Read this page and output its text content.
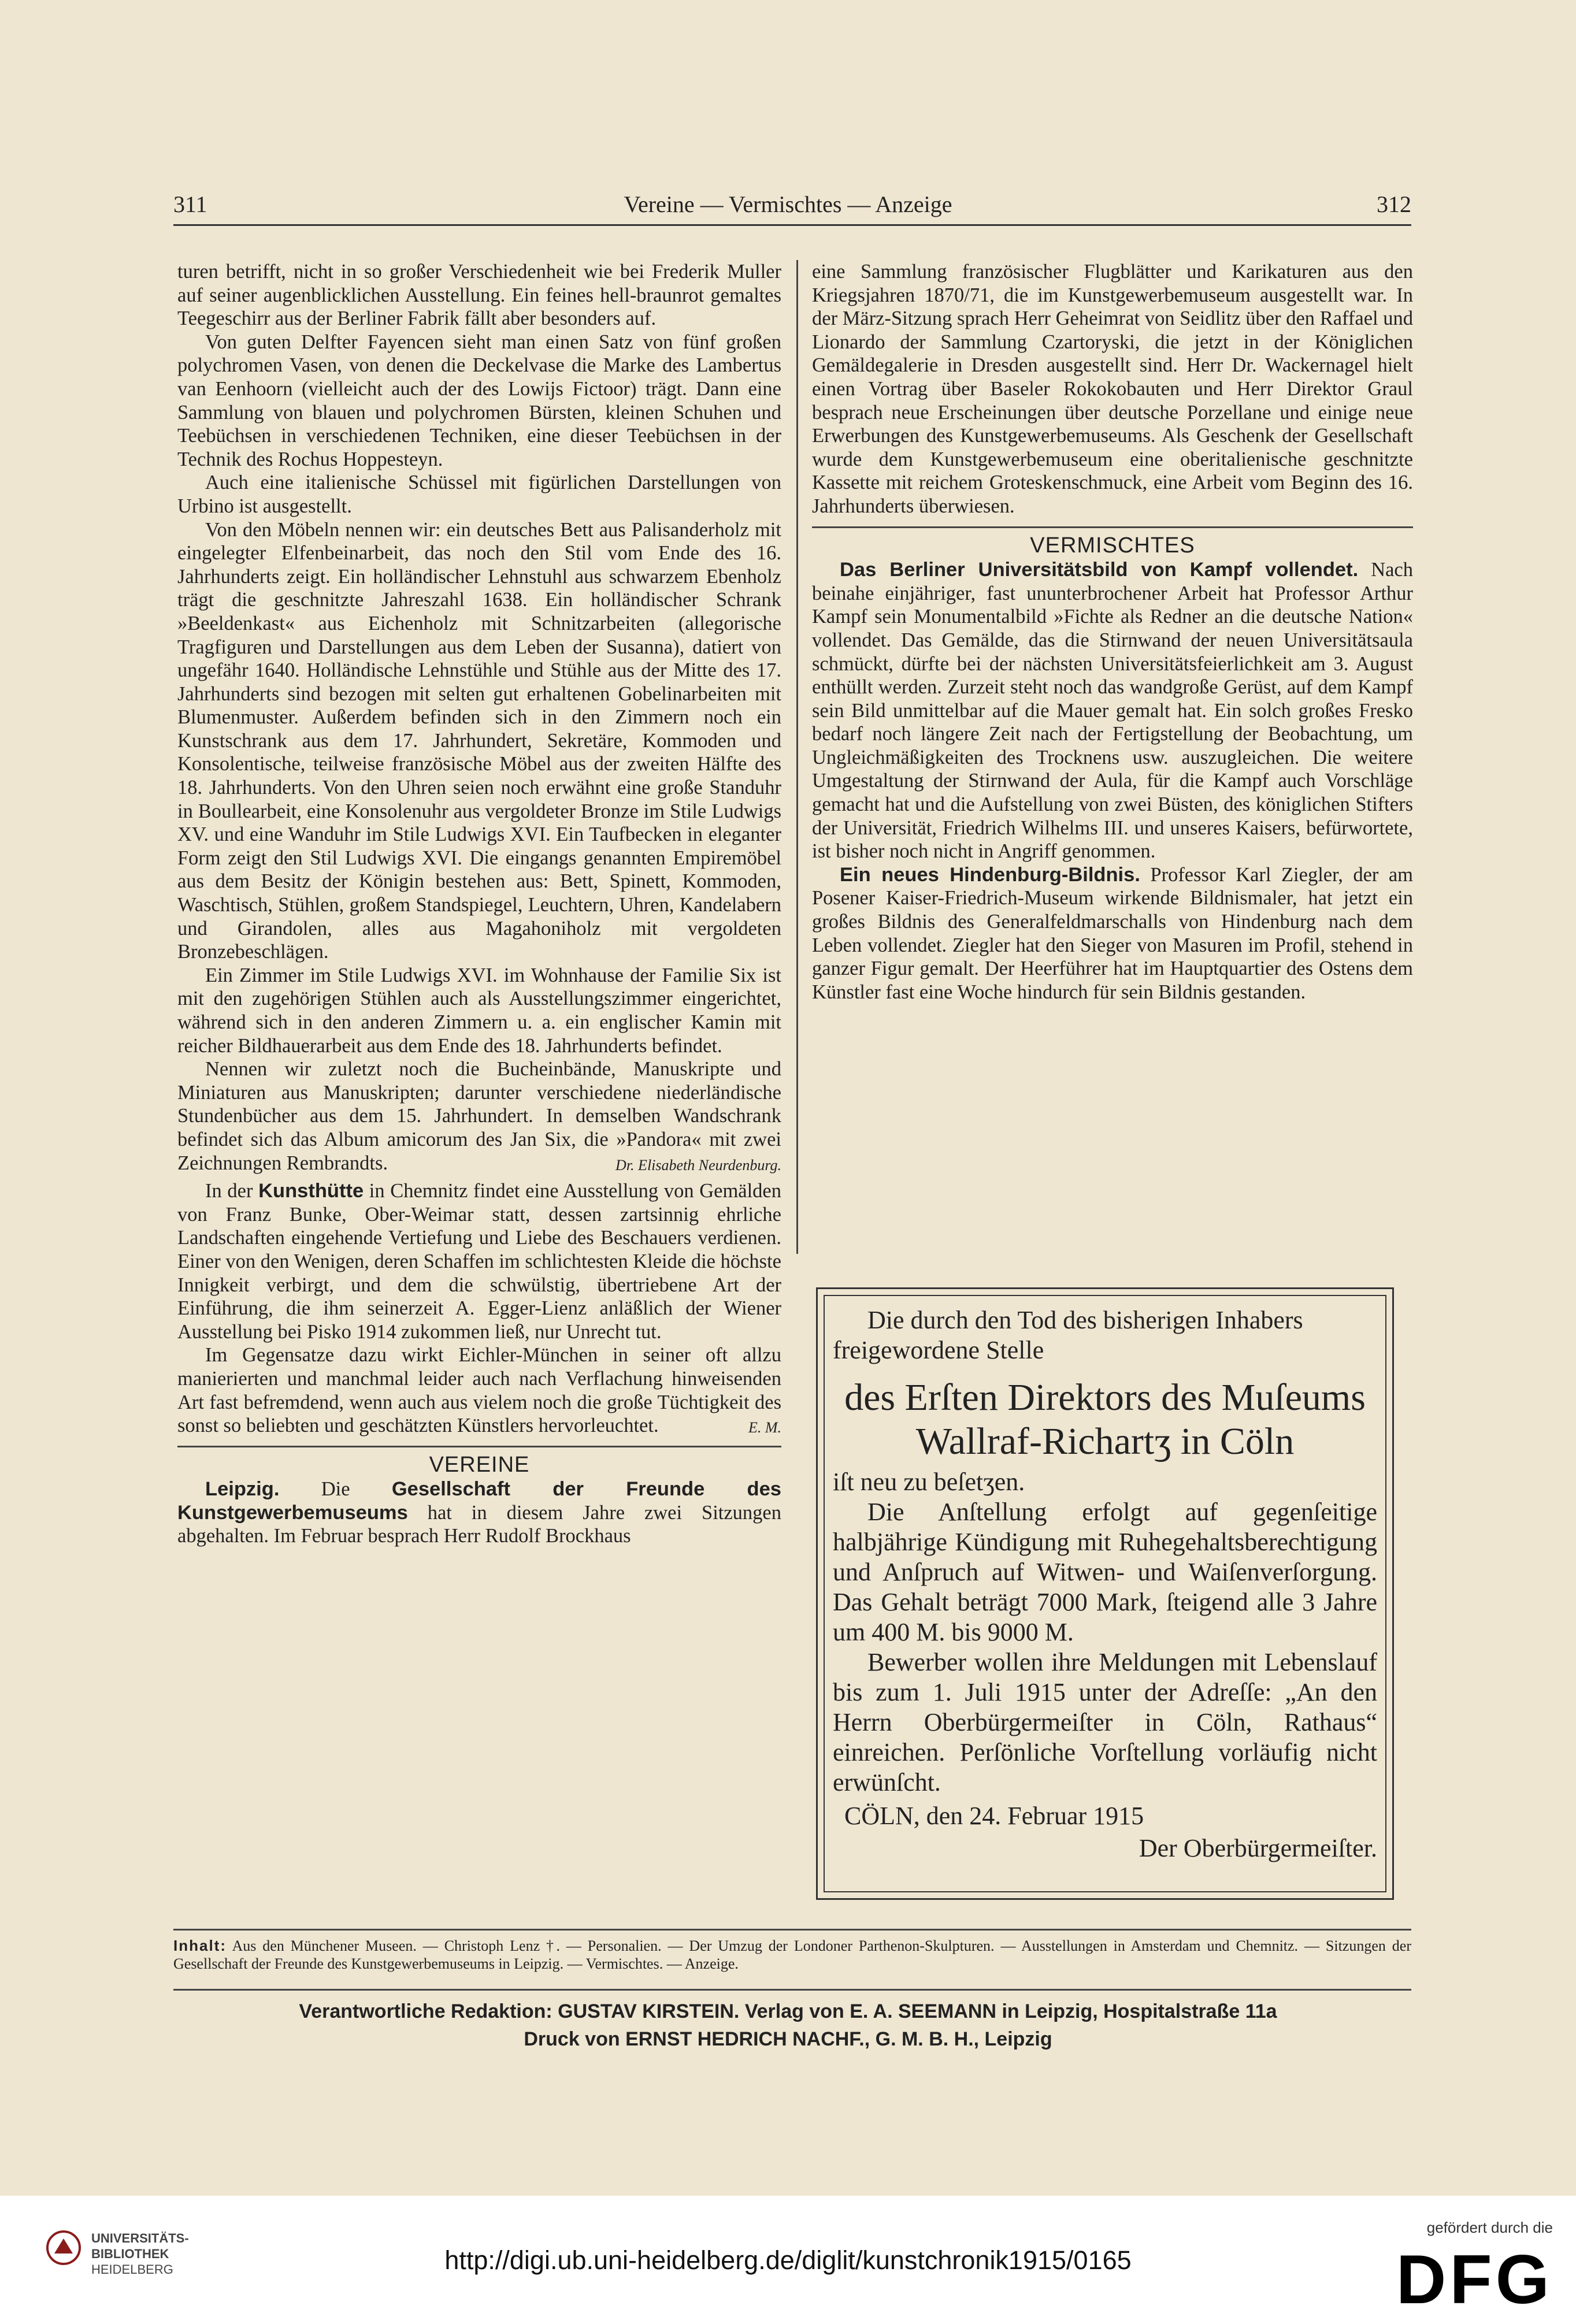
311	Vereine — Vermischtes — Anzeige	312

turen betrifft, nicht in so großer Verschiedenheit wie bei Frederik Muller auf seiner augenblicklichen Ausstellung. Ein feines hell-braunrot gemaltes Teegeschirr aus der Berliner Fabrik fällt aber besonders auf.

Von guten Delfter Fayencen sieht man einen Satz von fünf großen polychromen Vasen, von denen die Deckelvase die Marke des Lambertus van Eenhoorn (vielleicht auch der des Lowijs Fictoor) trägt. Dann eine Sammlung von blauen und polychromen Bürsten, kleinen Schuhen und Teebüchsen in verschiedenen Techniken, eine dieser Teebüchsen in der Technik des Rochus Hoppesteyn.

Auch eine italienische Schüssel mit figürlichen Darstellungen von Urbino ist ausgestellt.

Von den Möbeln nennen wir: ein deutsches Bett aus Palisanderholz mit eingelegter Elfenbeinarbeit, das noch den Stil vom Ende des 16. Jahrhunderts zeigt. Ein holländischer Lehnstuhl aus schwarzem Ebenholz trägt die geschnitzte Jahreszahl 1638. Ein holländischer Schrank »Beeldenkast« aus Eichenholz mit Schnitzarbeiten (allegorische Tragfiguren und Darstellungen aus dem Leben der Susanna), datiert von ungefähr 1640. Holländische Lehnstühle und Stühle aus der Mitte des 17. Jahrhunderts sind bezogen mit selten gut erhaltenen Gobelinarbeiten mit Blumenmuster. Außerdem befinden sich in den Zimmern noch ein Kunstschrank aus dem 17. Jahrhundert, Sekretäre, Kommoden und Konsolentische, teilweise französische Möbel aus der zweiten Hälfte des 18. Jahrhunderts. Von den Uhren seien noch erwähnt eine große Standuhr in Boullearbeit, eine Konsolenuhr aus vergoldeter Bronze im Stile Ludwigs XV. und eine Wanduhr im Stile Ludwigs XVI. Ein Taufbecken in eleganter Form zeigt den Stil Ludwigs XVI. Die eingangs genannten Empiremöbel aus dem Besitz der Königin bestehen aus: Bett, Spinett, Kommoden, Waschtisch, Stühlen, großem Standspiegel, Leuchtern, Uhren, Kandelabern und Girandolen, alles aus Magahoniholz mit vergoldeten Bronzebeschlägen.

Ein Zimmer im Stile Ludwigs XVI. im Wohnhause der Familie Six ist mit den zugehörigen Stühlen auch als Ausstellungszimmer eingerichtet, während sich in den anderen Zimmern u. a. ein englischer Kamin mit reicher Bildhauerarbeit aus dem Ende des 18. Jahrhunderts befindet.

Nennen wir zuletzt noch die Bucheinbände, Manuskripte und Miniaturen aus Manuskripten; darunter verschiedene niederländische Stundenbücher aus dem 15. Jahrhundert. In demselben Wandschrank befindet sich das Album amicorum des Jan Six, die »Pandora« mit zwei Zeichnungen Rembrandts.	Dr. Elisabeth Neurdenburg.

In der Kunsthütte in Chemnitz findet eine Ausstellung von Gemälden von Franz Bunke, Ober-Weimar statt, dessen zartsinnig ehrliche Landschaften eingehende Vertiefung und Liebe des Beschauers verdienen. Einer von den Wenigen, deren Schaffen im schlichtesten Kleide die höchste Innigkeit verbirgt, und dem die schwülstig, übertriebene Art der Einführung, die ihm seinerzeit A. Egger-Lienz anläßlich der Wiener Ausstellung bei Pisko 1914 zukommen ließ, nur Unrecht tut.

Im Gegensatze dazu wirkt Eichler-München in seiner oft allzu manierierten und manchmal leider auch nach Verflachung hinweisenden Art fast befremdend, wenn auch aus vielem noch die große Tüchtigkeit des sonst so beliebten und geschätzten Künstlers hervorleuchtet.	E. M.

VEREINE

Leipzig. Die Gesellschaft der Freunde des Kunstgewerbemuseums hat in diesem Jahre zwei Sitzungen abgehalten. Im Februar besprach Herr Rudolf Brockhaus

eine Sammlung französischer Flugblätter und Karikaturen aus den Kriegsjahren 1870/71, die im Kunstgewerbemuseum ausgestellt war. In der März-Sitzung sprach Herr Geheimrat von Seidlitz über den Raffael und Lionardo der Sammlung Czartoryski, die jetzt in der Königlichen Gemäldegalerie in Dresden ausgestellt sind. Herr Dr. Wackernagel hielt einen Vortrag über Baseler Rokokobauten und Herr Direktor Graul besprach neue Erscheinungen über deutsche Porzellane und einige neue Erwerbungen des Kunstgewerbemuseums. Als Geschenk der Gesellschaft wurde dem Kunstgewerbemuseum eine oberitalienische geschnitzte Kassette mit reichem Groteskenschmuck, eine Arbeit vom Beginn des 16. Jahrhunderts überwiesen.

VERMISCHTES

Das Berliner Universitätsbild von Kampf vollendet. Nach beinahe einjähriger, fast ununterbrochener Arbeit hat Professor Arthur Kampf sein Monumentalbild »Fichte als Redner an die deutsche Nation« vollendet. Das Gemälde, das die Stirnwand der neuen Universitätsaula schmückt, dürfte bei der nächsten Universitätsfeierlichkeit am 3. August enthüllt werden. Zurzeit steht noch das wandgroße Gerüst, auf dem Kampf sein Bild unmittelbar auf die Mauer gemalt hat. Ein solch großes Fresko bedarf noch längere Zeit nach der Fertigstellung der Beobachtung, um Ungleichmäßigkeiten des Trocknens usw. auszugleichen. Die weitere Umgestaltung der Stirnwand der Aula, für die Kampf auch Vorschläge gemacht hat und die Aufstellung von zwei Büsten, des königlichen Stifters der Universität, Friedrich Wilhelms III. und unseres Kaisers, befürwortete, ist bisher noch nicht in Angriff genommen.

Ein neues Hindenburg-Bildnis. Professor Karl Ziegler, der am Posener Kaiser-Friedrich-Museum wirkende Bildnismaler, hat jetzt ein großes Bildnis des Generalfeldmarschalls von Hindenburg nach dem Leben vollendet. Ziegler hat den Sieger von Masuren im Profil, stehend in ganzer Figur gemalt. Der Heerführer hat im Hauptquartier des Ostens dem Künstler fast eine Woche hindurch für sein Bildnis gestanden.

Die durch den Tod des bisherigen Inhabers freigewordene Stelle

des Erſten Direktors des Muſeums Wallraf-Richartʒ in Cöln

iſt neu zu beſetʒen.

Die Anſtellung erfolgt auf gegenſeitige halbjährige Kündigung mit Ruhegehaltsberechtigung und Anſpruch auf Witwen- und Waiſenverſorgung. Das Gehalt beträgt 7000 Mark, ſteigend alle 3 Jahre um 400 M. bis 9000 M.

Bewerber wollen ihre Meldungen mit Lebenslauf bis zum 1. Juli 1915 unter der Adreſſe: „An den Herrn Oberbürgermeiſter in Cöln, Rathaus“ einreichen. Perſönliche Vorſtellung vorläufig nicht erwünſcht.

CÖLN, den 24. Februar 1915

Der Oberbürgermeiſter.

Inhalt: Aus den Münchener Museen. — Christoph Lenz †. — Personalien. — Der Umzug der Londoner Parthenon-Skulpturen. — Ausstellungen in Amsterdam und Chemnitz. — Sitzungen der Gesellschaft der Freunde des Kunstgewerbemuseums in Leipzig. — Vermischtes. — Anzeige.
Verantwortliche Redaktion: GUSTAV KIRSTEIN. Verlag von E. A. SEEMANN in Leipzig, Hospitalstraße 11a
Druck von ERNST HEDRICH NACHF., G. M. B. H., Leipzig
UNIVERSITÄTS-
BIBLIOTHEK
HEIDELBERG	http://digi.ub.uni-heidelberg.de/diglit/kunstchronik1915/0165
gefördert durch die
DFG
